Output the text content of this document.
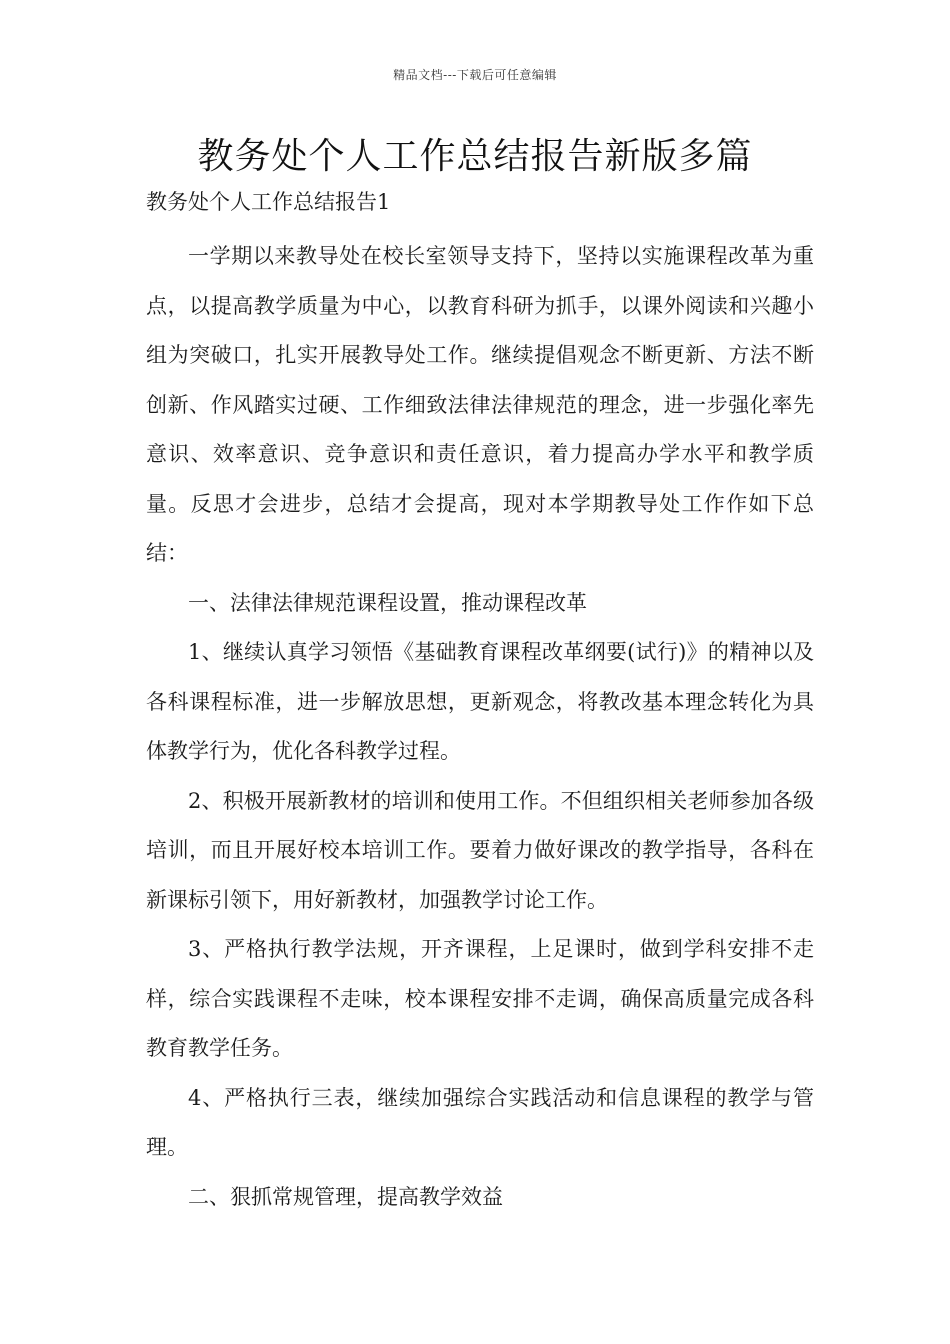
精品文档---下载后可任意编辑
教务处个人工作总结报告新版多篇
教务处个人工作总结报告1

一学期以来教导处在校长室领导支持下，坚持以实施课程改革为重点，以提高教学质量为中心，以教育科研为抓手，以课外阅读和兴趣小组为突破口，扎实开展教导处工作。继续提倡观念不断更新、方法不断创新、作风踏实过硬、工作细致法律法律规范的理念，进一步强化率先意识、效率意识、竞争意识和责任意识，着力提高办学水平和教学质量。反思才会进步，总结才会提高，现对本学期教导处工作作如下总结：

一、法律法律规范课程设置，推动课程改革

1、继续认真学习领悟《基础教育课程改革纲要(试行)》的精神以及各科课程标准，进一步解放思想，更新观念，将教改基本理念转化为具体教学行为，优化各科教学过程。

2、积极开展新教材的培训和使用工作。不但组织相关老师参加各级培训，而且开展好校本培训工作。要着力做好课改的教学指导，各科在新课标引领下，用好新教材，加强教学讨论工作。

3、严格执行教学法规，开齐课程，上足课时，做到学科安排不走样，综合实践课程不走味，校本课程安排不走调，确保高质量完成各科教育教学任务。

4、严格执行三表，继续加强综合实践活动和信息课程的教学与管理。

二、狠抓常规管理，提高教学效益
